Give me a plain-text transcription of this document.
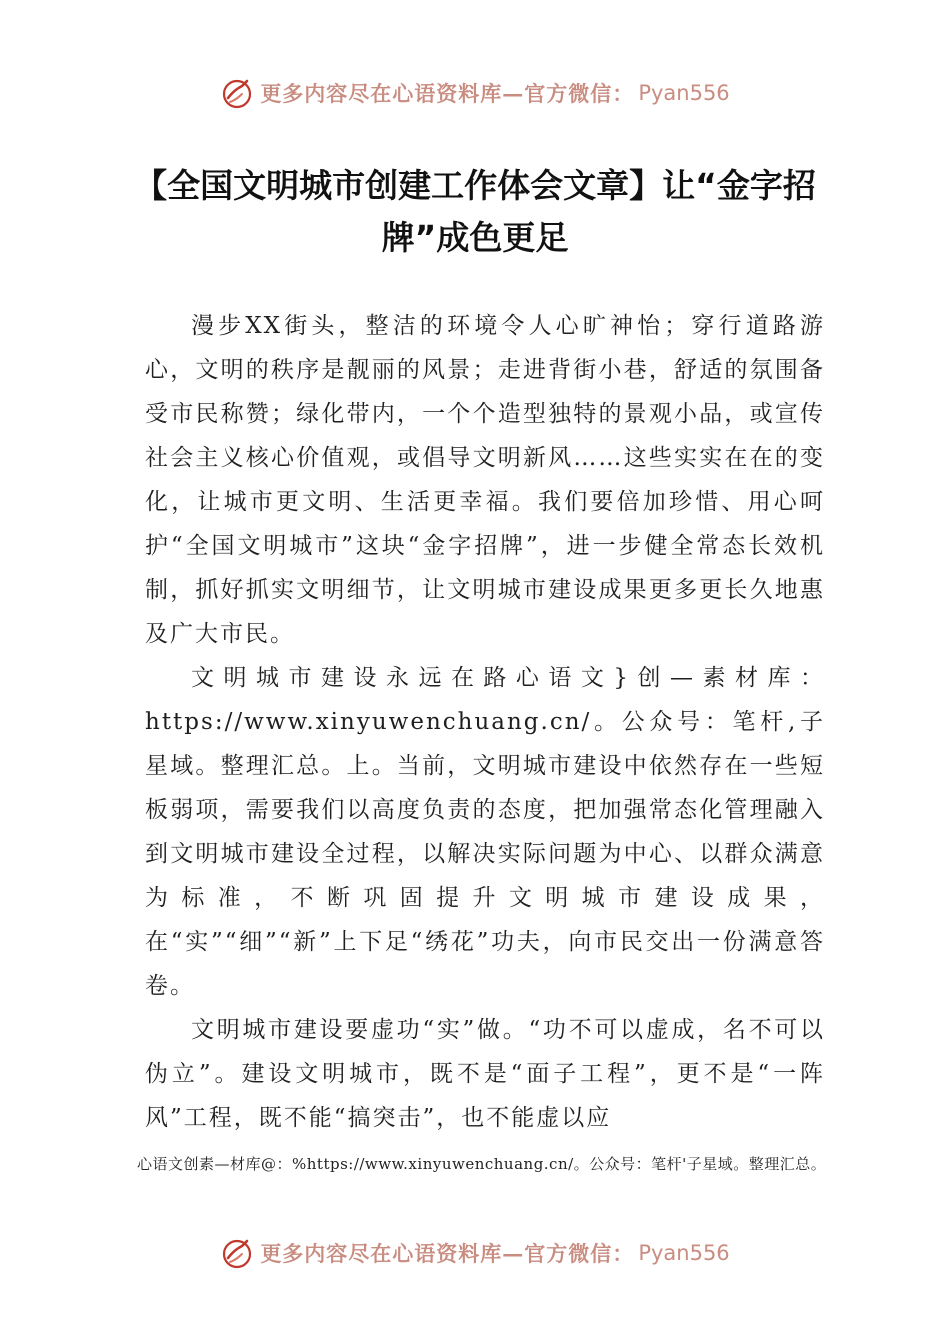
更多内容尽在心语资料库—官方微信： Pyan556
【全国文明城市创建工作体会文章】让“金字招牌”成色更足

漫步XX街头，整洁的环境令人心旷神怡；穿行道路游心，文明的秩序是靓丽的风景；走进背街小巷，舒适的氛围备受市民称赞；绿化带内，一个个造型独特的景观小品，或宣传社会主义核心价值观，或倡导文明新风……这些实实在在的变化，让城市更文明、生活更幸福。我们要倍加珍惜、用心呵护“全国文明城市”这块“金字招牌”，进一步健全常态长效机制，抓好抓实文明细节，让文明城市建设成果更多更长久地惠及广大市民。

文明城市建设永远在路心语文}创—素材库：https://www.xinyuwenchuang.cn/。公众号：笔杆,子星域。整理汇总。上。当前，文明城市建设中依然存在一些短板弱项，需要我们以高度负责的态度，把加强常态化管理融入到文明城市建设全过程，以解决实际问题为中心、以群众满意为标准，不断巩固提升文明城市建设成果，在“实”“细”“新”上下足“绣花”功夫，向市民交出一份满意答卷。

文明城市建设要虚功“实”做。“功不可以虚成，名不可以伪立”。建设文明城市，既不是“面子工程”，更不是“一阵风”工程，既不能“搞突击”，也不能虚以应

心语文创素—材库@：%https://www.xinyuwenchuang.cn/。公众号：笔杆'子星域。整理汇总。
更多内容尽在心语资料库—官方微信： Pyan556
